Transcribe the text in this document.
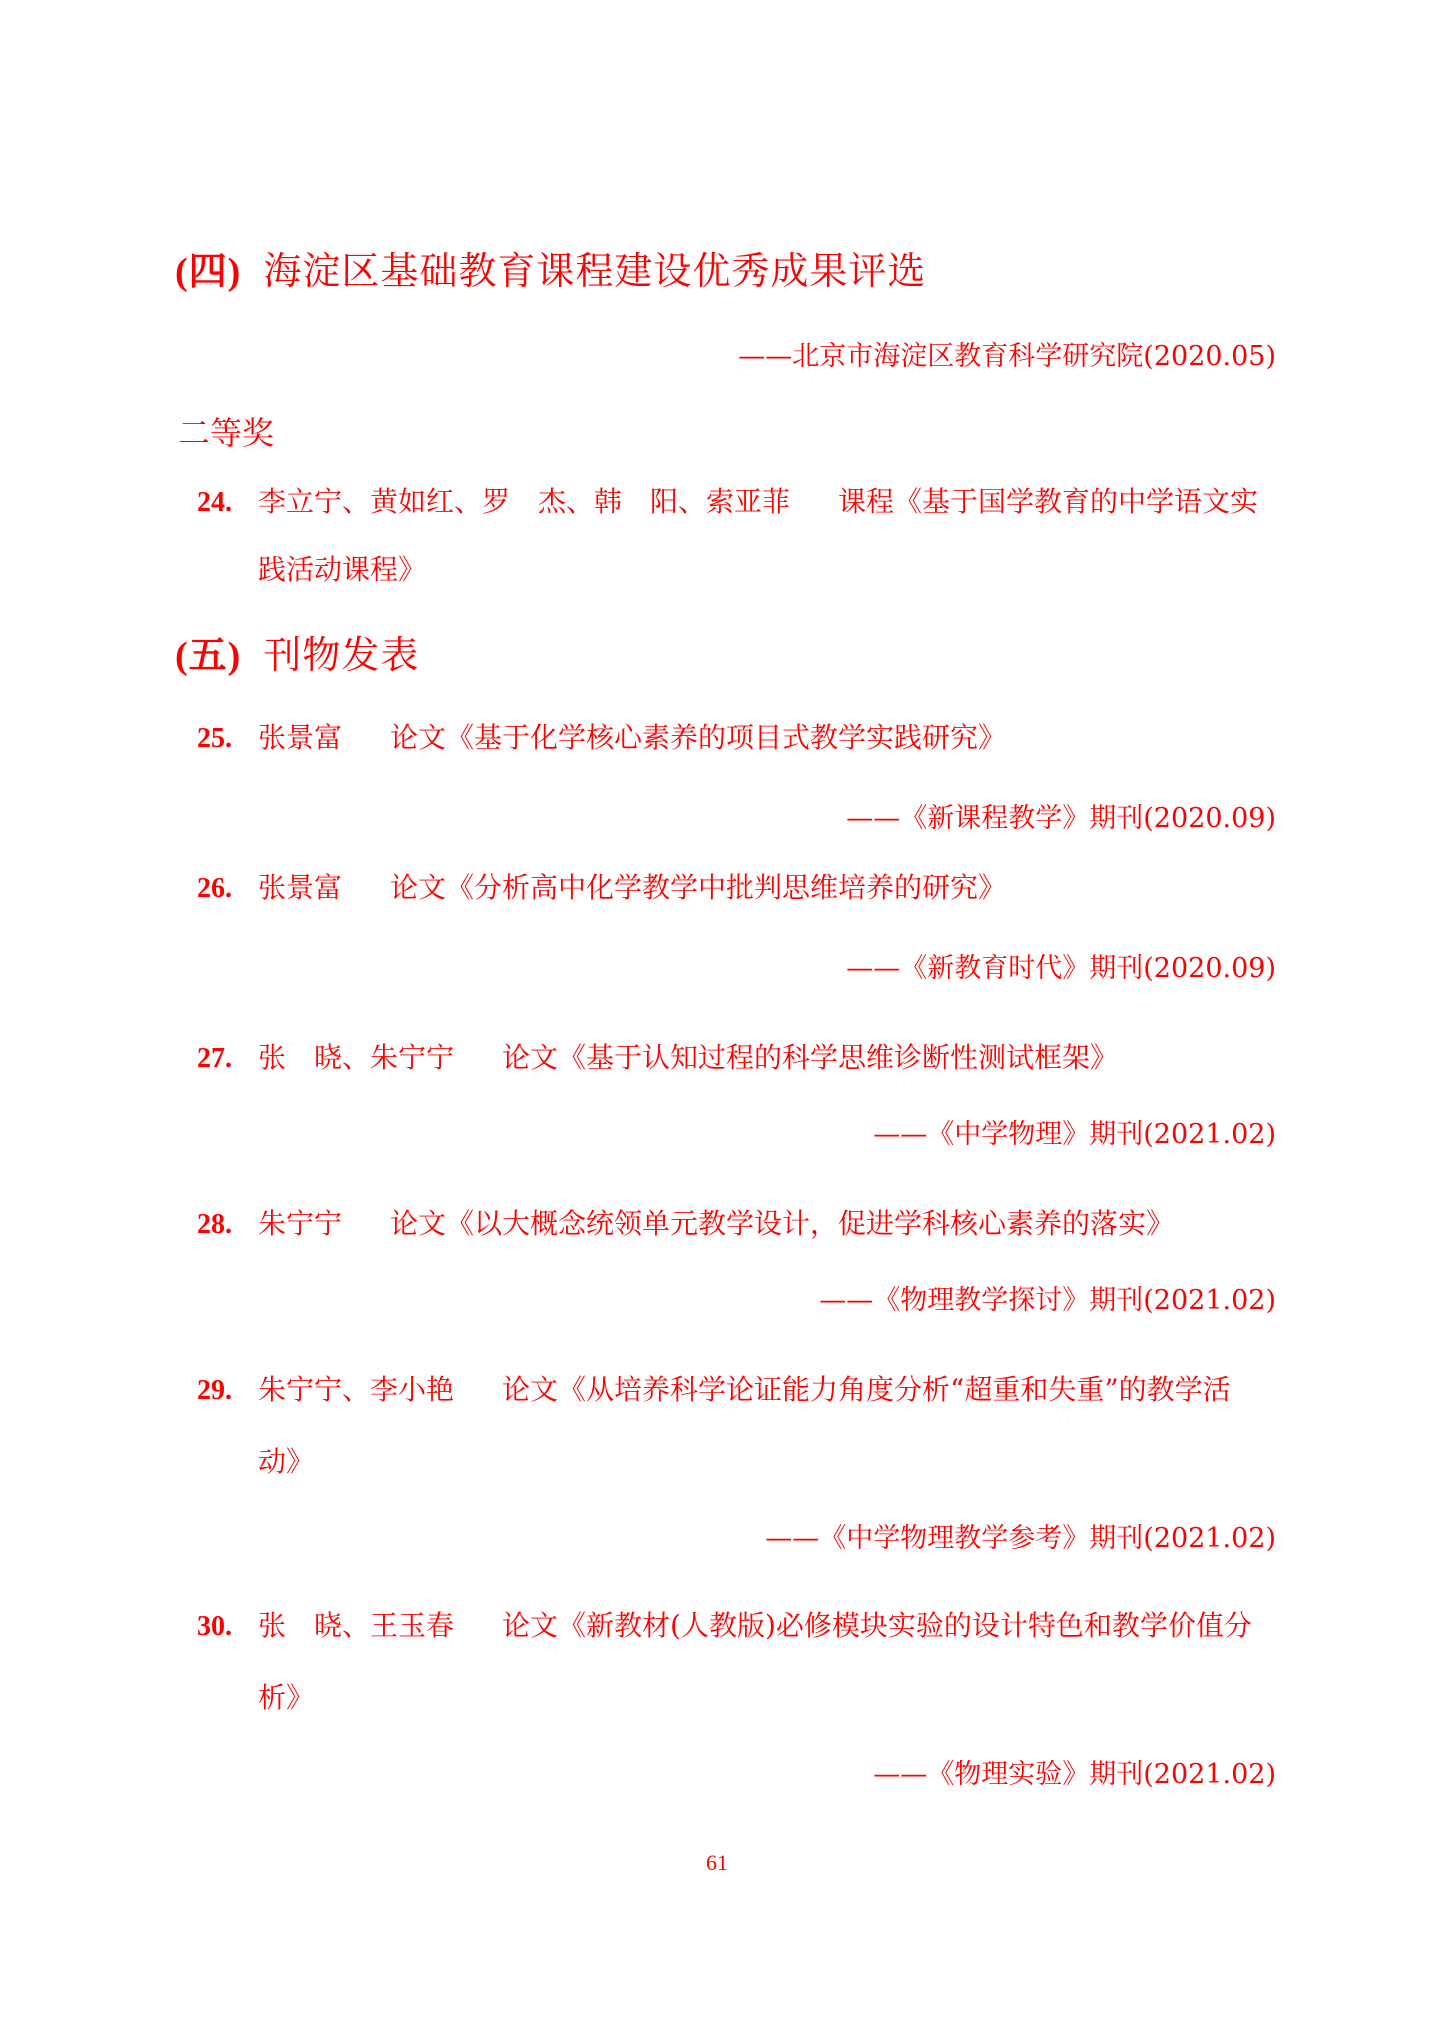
(四) 海淀区基础教育课程建设优秀成果评选
——北京市海淀区教育科学研究院(2020.05)
二等奖
24. 李立宁、黄如红、罗　杰、韩　阳、索亚菲 课程《基于国学教育的中学语文实
践活动课程》
(五) 刊物发表
25. 张景富 论文《基于化学核心素养的项目式教学实践研究》
——《新课程教学》期刊(2020.09)
26. 张景富 论文《分析高中化学教学中批判思维培养的研究》
——《新教育时代》期刊(2020.09)
27. 张　晓、朱宁宁 论文《基于认知过程的科学思维诊断性测试框架》
——《中学物理》期刊(2021.02)
28. 朱宁宁 论文《以大概念统领单元教学设计，促进学科核心素养的落实》
——《物理教学探讨》期刊(2021.02)
29. 朱宁宁、李小艳 论文《从培养科学论证能力角度分析“超重和失重”的教学活
动》
——《中学物理教学参考》期刊(2021.02)
30. 张　晓、王玉春 论文《新教材(人教版)必修模块实验的设计特色和教学价值分
析》
——《物理实验》期刊(2021.02)
61
